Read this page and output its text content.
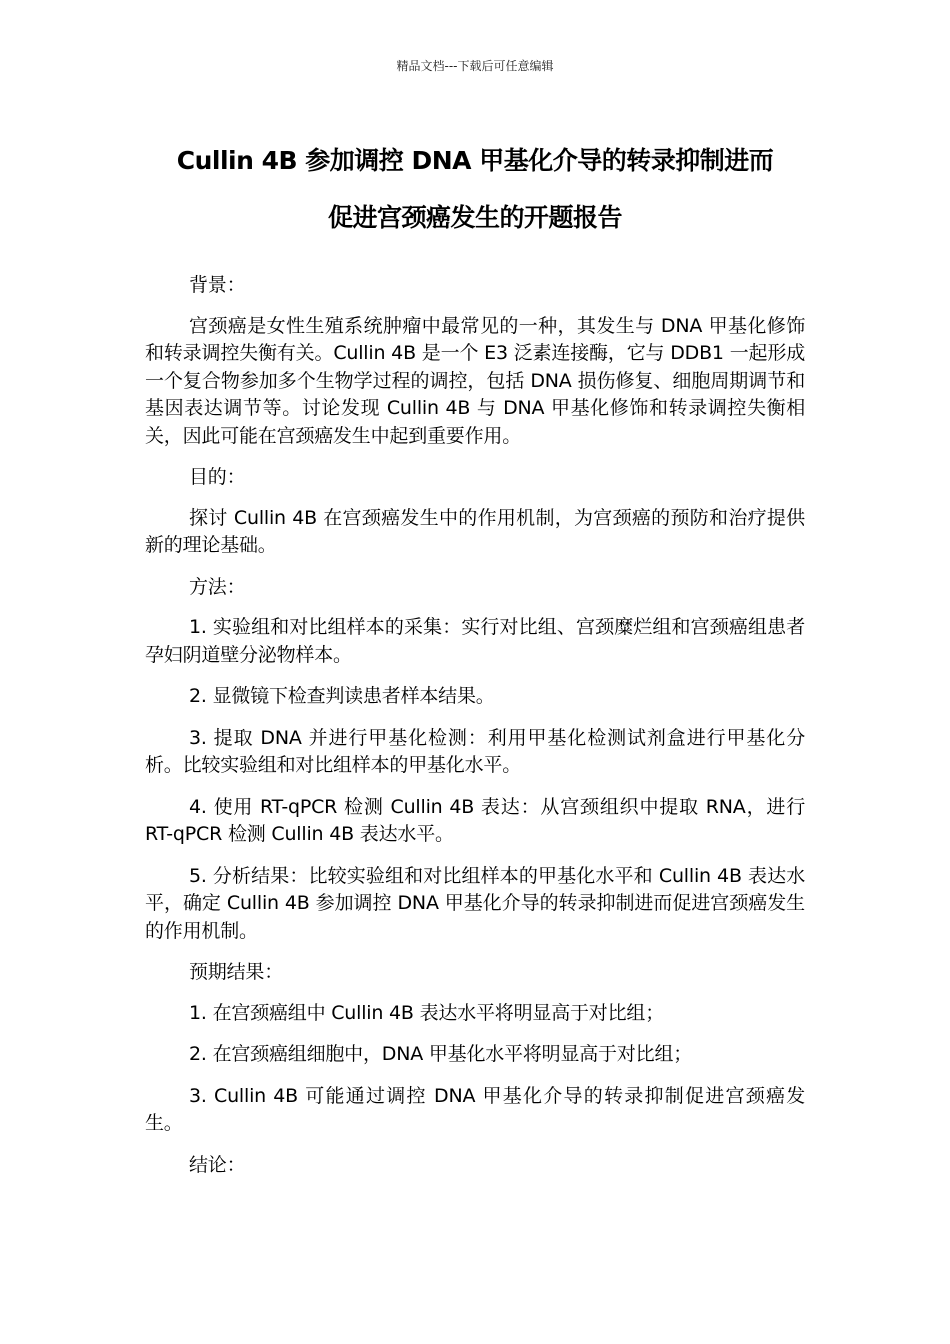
精品文档---下载后可任意编辑
Cullin 4B 参加调控 DNA 甲基化介导的转录抑制进而
促进宫颈癌发生的开题报告

背景：

宫颈癌是女性生殖系统肿瘤中最常见的一种，其发生与 DNA 甲基化修饰和转录调控失衡有关。Cullin 4B 是一个 E3 泛素连接酶，它与 DDB1 一起形成一个复合物参加多个生物学过程的调控，包括 DNA 损伤修复、细胞周期调节和基因表达调节等。讨论发现 Cullin 4B 与 DNA 甲基化修饰和转录调控失衡相关，因此可能在宫颈癌发生中起到重要作用。

目的：

探讨 Cullin 4B 在宫颈癌发生中的作用机制，为宫颈癌的预防和治疗提供新的理论基础。

方法：

1. 实验组和对比组样本的采集：实行对比组、宫颈糜烂组和宫颈癌组患者孕妇阴道壁分泌物样本。

2. 显微镜下检查判读患者样本结果。

3. 提取 DNA 并进行甲基化检测：利用甲基化检测试剂盒进行甲基化分析。比较实验组和对比组样本的甲基化水平。

4. 使用 RT-qPCR 检测 Cullin 4B 表达：从宫颈组织中提取 RNA，进行 RT-qPCR 检测 Cullin 4B 表达水平。

5. 分析结果：比较实验组和对比组样本的甲基化水平和 Cullin 4B 表达水平，确定 Cullin 4B 参加调控 DNA 甲基化介导的转录抑制进而促进宫颈癌发生的作用机制。

预期结果：

1. 在宫颈癌组中 Cullin 4B 表达水平将明显高于对比组；

2. 在宫颈癌组细胞中，DNA 甲基化水平将明显高于对比组；

3. Cullin 4B 可能通过调控 DNA 甲基化介导的转录抑制促进宫颈癌发生。

结论：
